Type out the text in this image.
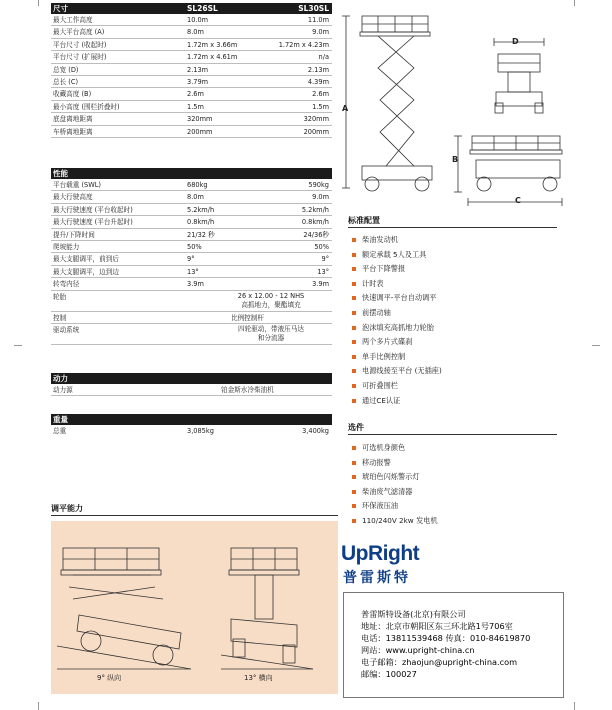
尺寸	SL26SL	SL30SL
最大工作高度	10.0m	11.0m
最大平台高度 (A)	8.0m	9.0m
平台尺寸 (收起时)	1.72m x 3.66m	1.72m x 4.23m
平台尺寸 (扩展时)	1.72m x 4.61m	n/a
总宽 (D)	2.13m	2.13m
总长 (C)	3.79m	4.39m
收藏高度 (B)	2.6m	2.6m
最小高度 (围栏折叠时)	1.5m	1.5m
底盘离地距离	320mm	320mm
车桥离地距离	200mm	200mm
性能
平台载重 (SWL)	680kg	590kg
最大行驶高度	8.0m	9.0m
最大行驶速度 (平台收起时)	5.2km/h	5.2km/h
最大行驶速度 (平台升起时)	0.8km/h	0.8km/h
提升/下降时间	21/32 秒	24/36秒
爬坡能力	50%	50%
最大支腿调平，前到后	9°	9°
最大支腿调平，边到边	13°	13°
转弯内径	3.9m	3.9m
轮胎	26 x 12.00 - 12 NHS
高抓地力，聚酯填充
控制	比例控制杆
驱动系统	四轮驱动，带液压马达
和分流器
动力
动力源	铂金斯水冷柴油机
重量
总重	3,085kg	3,400kg
A
D
B
C
标准配置
柴油发动机
额定承载 5人及工具
平台下降警报
计时表
快速调平-平台自动调平
前摆动轴
泡沫填充高抓地力轮胎
两个多片式碟刹
单手比例控制
电源线接至平台 (无插座)
可折叠围栏
通过CE认证
选件
可选机身颜色
移动报警
琥珀色闪烁警示灯
柴油废气滤清器
环保液压油
110/240V 2kw 发电机
调平能力
9° 纵向	13° 横向
UpRight
普雷斯特
普雷斯特设备(北京)有限公司
地址：北京市朝阳区东三环北路1号706室
电话：13811539468 传真：010-84619870
网站：www.upright-china.cn
电子邮箱：zhaojun@upright-china.com
邮编：100027
